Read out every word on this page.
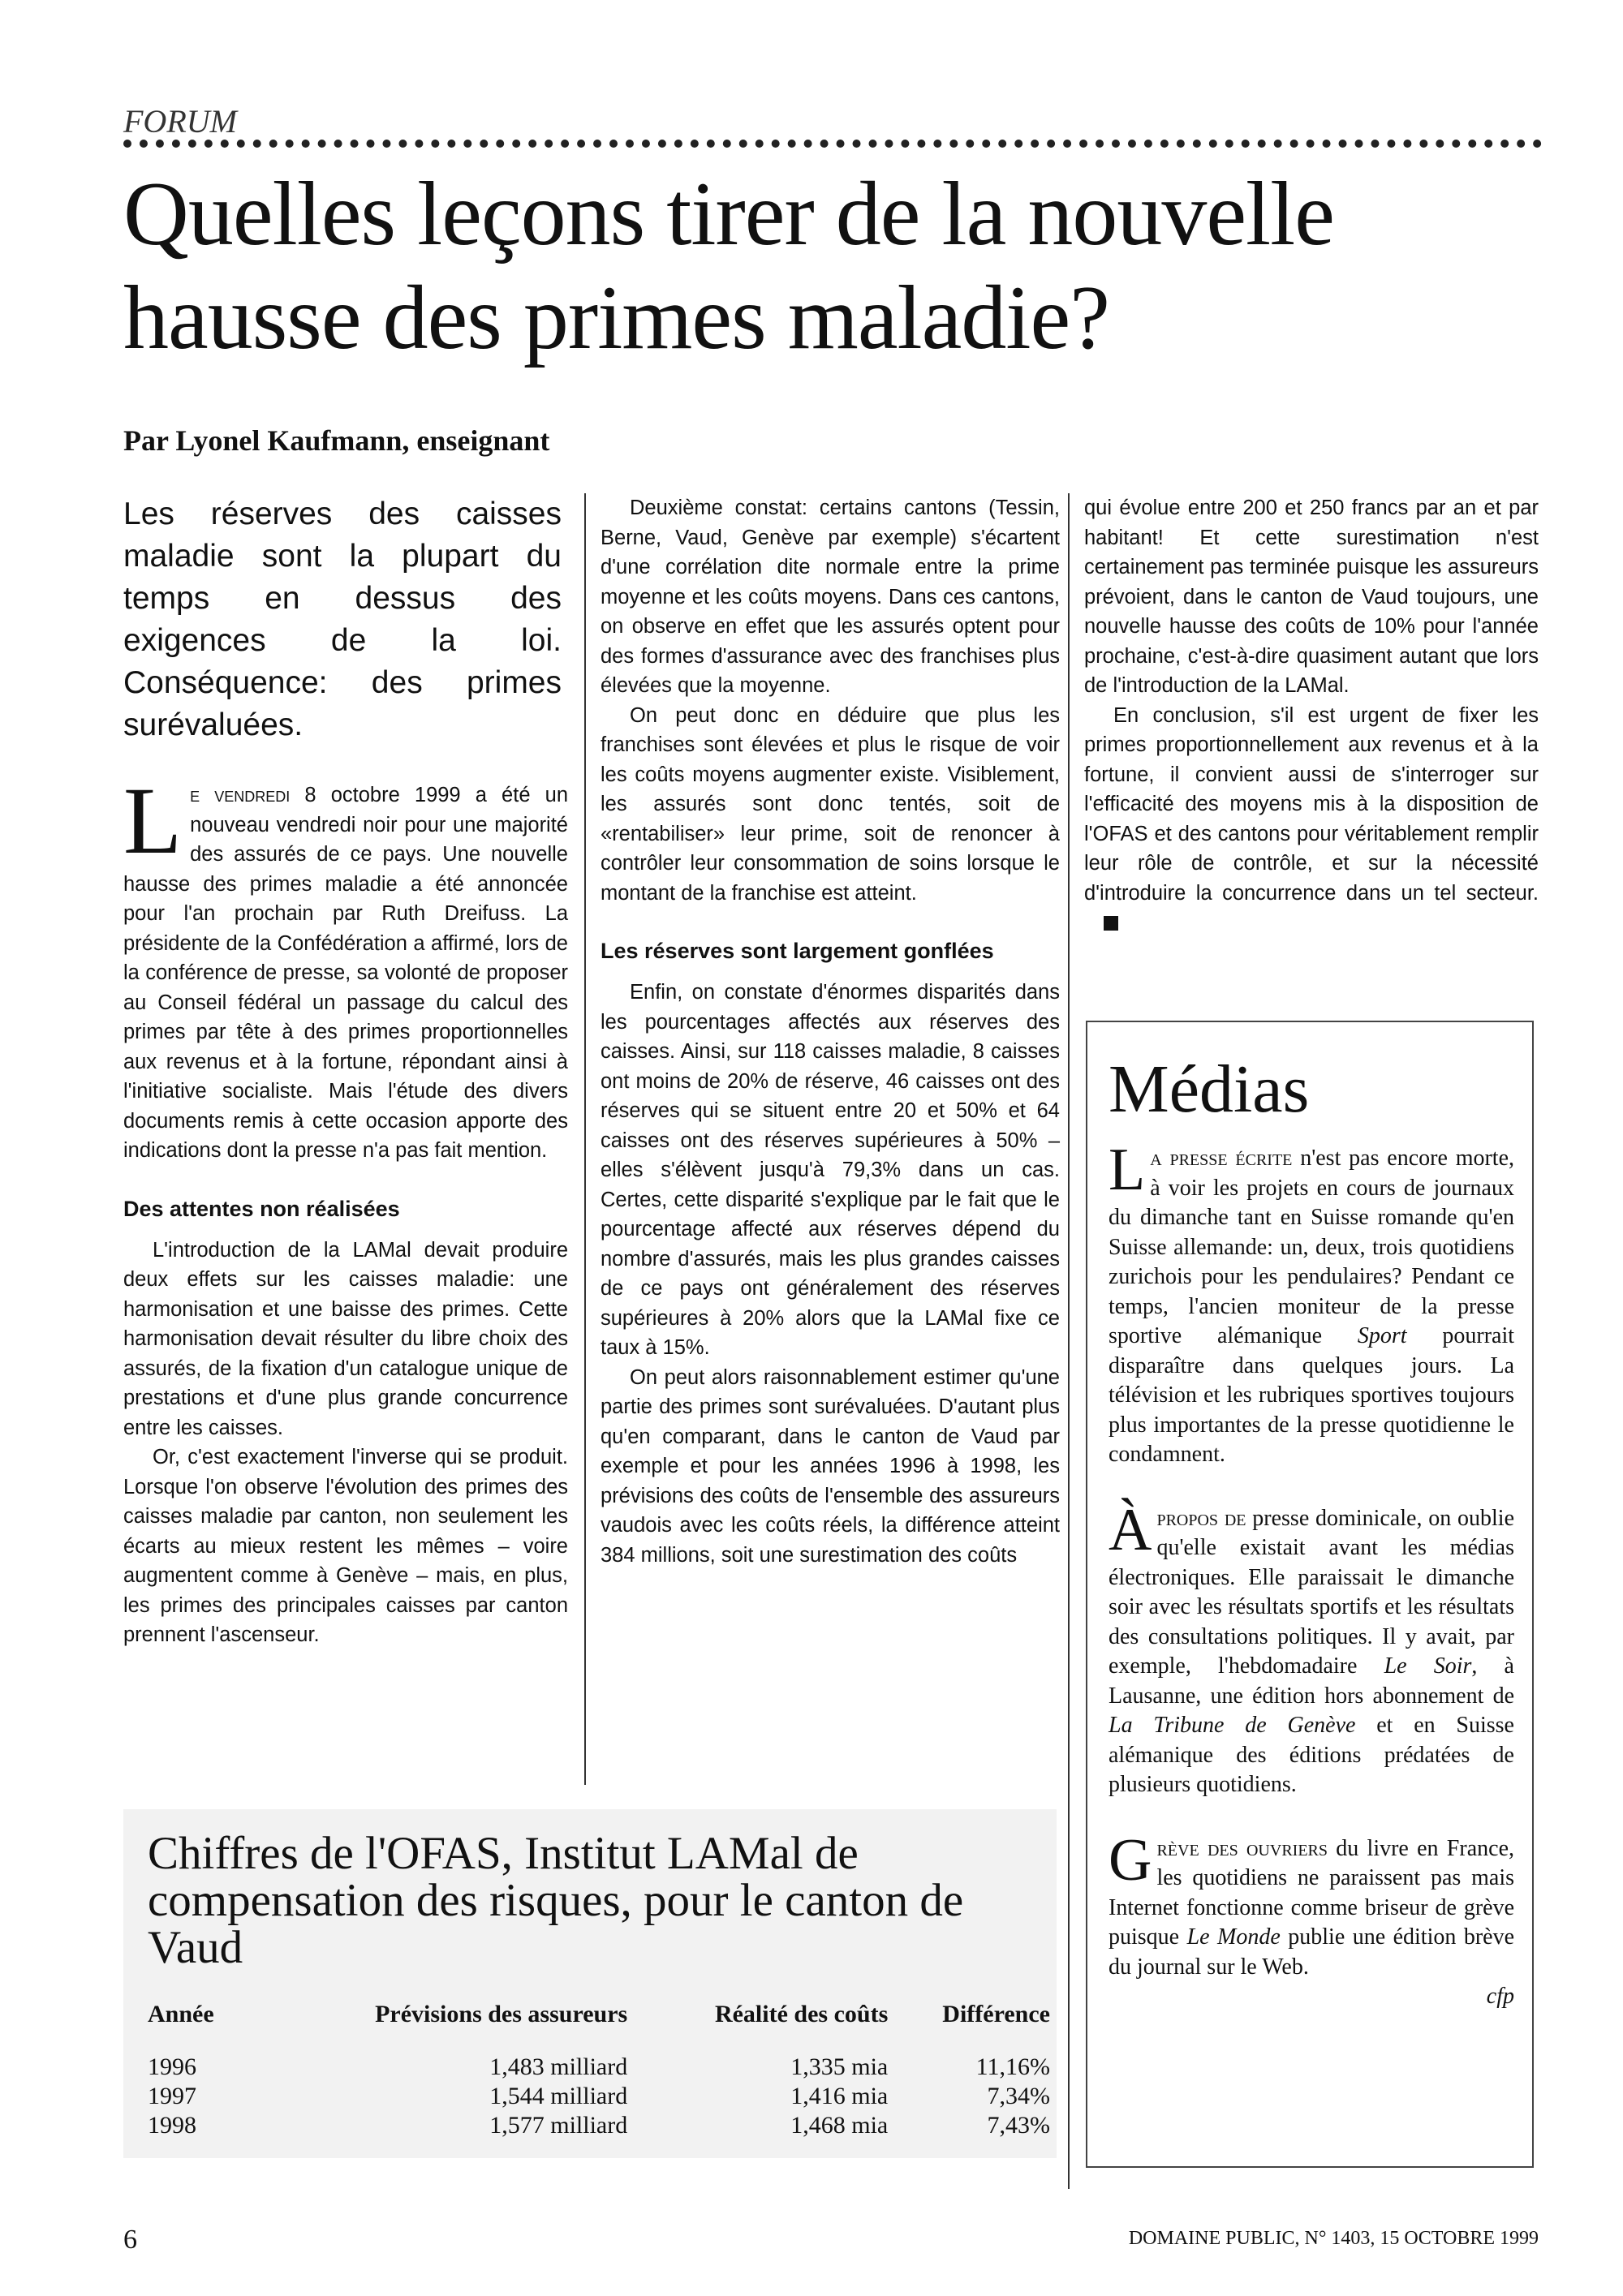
FORUM
Quelles leçons tirer de la nouvelle hausse des primes maladie?
Par Lyonel Kaufmann, enseignant

Les réserves des caisses maladie sont la plupart du temps en dessus des exigences de la loi. Conséquence: des primes surévaluées.

Le vendredi 8 octobre 1999 a été un nouveau vendredi noir pour une majorité des assurés de ce pays. Une nouvelle hausse des primes maladie a été annoncée pour l'an prochain par Ruth Dreifuss. La présidente de la Confédération a affirmé, lors de la conférence de presse, sa volonté de proposer au Conseil fédéral un passage du calcul des primes par tête à des primes proportionnelles aux revenus et à la fortune, répondant ainsi à l'initiative socialiste. Mais l'étude des divers documents remis à cette occasion apporte des indications dont la presse n'a pas fait mention.

Des attentes non réalisées

L'introduction de la LAMal devait produire deux effets sur les caisses maladie: une harmonisation et une baisse des primes. Cette harmonisation devait résulter du libre choix des assurés, de la fixation d'un catalogue unique de prestations et d'une plus grande concurrence entre les caisses.

Or, c'est exactement l'inverse qui se produit. Lorsque l'on observe l'évolution des primes des caisses maladie par canton, non seulement les écarts au mieux restent les mêmes – voire augmentent comme à Genève – mais, en plus, les primes des principales caisses par canton prennent l'ascenseur.

Deuxième constat: certains cantons (Tessin, Berne, Vaud, Genève par exemple) s'écartent d'une corrélation dite normale entre la prime moyenne et les coûts moyens. Dans ces cantons, on observe en effet que les assurés optent pour des formes d'assurance avec des franchises plus élevées que la moyenne.

On peut donc en déduire que plus les franchises sont élevées et plus le risque de voir les coûts moyens augmenter existe. Visiblement, les assurés sont donc tentés, soit de «rentabiliser» leur prime, soit de renoncer à contrôler leur consommation de soins lorsque le montant de la franchise est atteint.

Les réserves sont largement gonflées

Enfin, on constate d'énormes disparités dans les pourcentages affectés aux réserves des caisses. Ainsi, sur 118 caisses maladie, 8 caisses ont moins de 20% de réserve, 46 caisses ont des réserves qui se situent entre 20 et 50% et 64 caisses ont des réserves supérieures à 50% – elles s'élèvent jusqu'à 79,3% dans un cas. Certes, cette disparité s'explique par le fait que le pourcentage affecté aux réserves dépend du nombre d'assurés, mais les plus grandes caisses de ce pays ont généralement des réserves supérieures à 20% alors que la LAMal fixe ce taux à 15%.

On peut alors raisonnablement estimer qu'une partie des primes sont surévaluées. D'autant plus qu'en comparant, dans le canton de Vaud par exemple et pour les années 1996 à 1998, les prévisions des coûts de l'ensemble des assureurs vaudois avec les coûts réels, la différence atteint 384 millions, soit une surestimation des coûts

qui évolue entre 200 et 250 francs par an et par habitant! Et cette surestimation n'est certainement pas terminée puisque les assureurs prévoient, dans le canton de Vaud toujours, une nouvelle hausse des coûts de 10% pour l'année prochaine, c'est-à-dire quasiment autant que lors de l'introduction de la LAMal.

En conclusion, s'il est urgent de fixer les primes proportionnellement aux revenus et à la fortune, il convient aussi de s'interroger sur l'efficacité des moyens mis à la disposition de l'OFAS et des cantons pour véritablement remplir leur rôle de contrôle, et sur la nécessité d'introduire la concurrence dans un tel secteur.

Médias

La presse écrite n'est pas encore morte, à voir les projets en cours de journaux du dimanche tant en Suisse romande qu'en Suisse allemande: un, deux, trois quotidiens zurichois pour les pendulaires? Pendant ce temps, l'ancien moniteur de la presse sportive alémanique Sport pourrait disparaître dans quelques jours. La télévision et les rubriques sportives toujours plus importantes de la presse quotidienne le condamnent.

Àpropos de presse dominicale, on oublie qu'elle existait avant les médias électroniques. Elle paraissait le dimanche soir avec les résultats sportifs et les résultats des consultations politiques. Il y avait, par exemple, l'hebdomadaire Le Soir, à Lausanne, une édition hors abonnement de La Tribune de Genève et en Suisse alémanique des éditions prédatées de plusieurs quotidiens.

Grève des ouvriers du livre en France, les quotidiens ne paraissent pas mais Internet fonctionne comme briseur de grève puisque Le Monde publie une édition brève du journal sur le Web.

cfp
Chiffres de l'OFAS, Institut LAMal de compensation des risques, pour le canton de Vaud
Année	Prévisions des assureurs	Réalité des coûts	Différence
1996	1,483 milliard	1,335 mia	11,16%
1997	1,544 milliard	1,416 mia	7,34%
1998	1,577 milliard	1,468 mia	7,43%
6	DOMAINE PUBLIC, N° 1403, 15 OCTOBRE 1999
